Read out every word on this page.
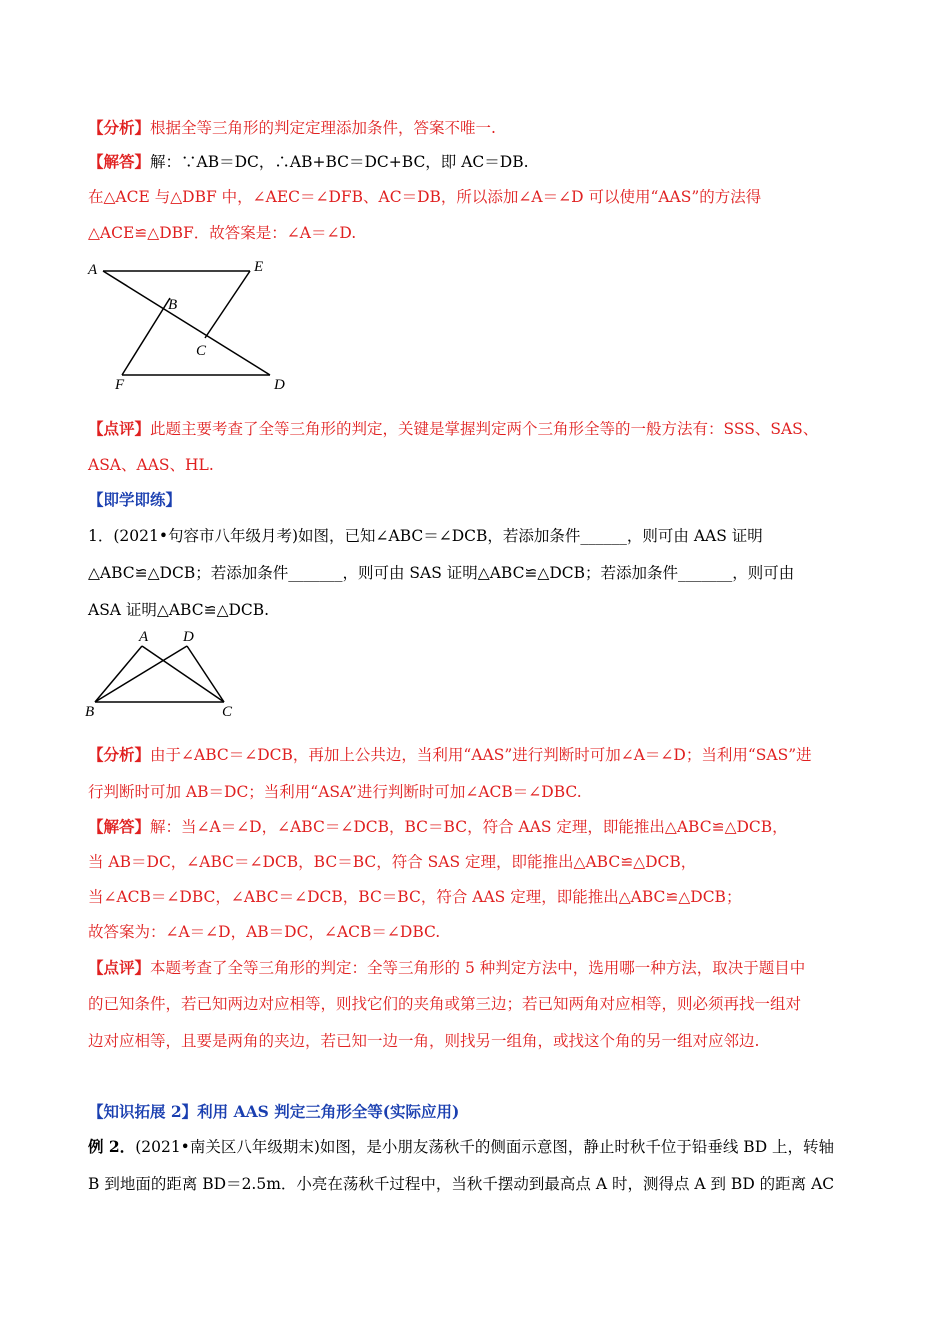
【分析】根据全等三角形的判定定理添加条件，答案不唯一.
【解答】解：∵AB＝DC，∴AB+BC＝DC+BC，即 AC＝DB.
在△ACE 与△DBF 中，∠AEC＝∠DFB、AC＝DB，所以添加∠A＝∠D 可以使用“AAS”的方法得
△ACE≌△DBF．故答案是：∠A＝∠D.
A	E
B
C
F	D
【点评】此题主要考查了全等三角形的判定，关键是掌握判定两个三角形全等的一般方法有：SSS、SAS、
ASA、AAS、HL.
【即学即练】
1．(2021•句容市八年级月考)如图，已知∠ABC＝∠DCB，若添加条件______，则可由 AAS 证明
△ABC≌△DCB；若添加条件_______，则可由 SAS 证明△ABC≌△DCB；若添加条件_______，则可由
ASA 证明△ABC≌△DCB.
A D
B	C
【分析】由于∠ABC＝∠DCB，再加上公共边，当利用“AAS”进行判断时可加∠A＝∠D；当利用“SAS”进
行判断时可加 AB＝DC；当利用“ASA”进行判断时可加∠ACB＝∠DBC.
【解答】解：当∠A＝∠D，∠ABC＝∠DCB，BC＝BC，符合 AAS 定理，即能推出△ABC≌△DCB，
当 AB＝DC，∠ABC＝∠DCB，BC＝BC，符合 SAS 定理，即能推出△ABC≌△DCB，
当∠ACB＝∠DBC，∠ABC＝∠DCB，BC＝BC，符合 AAS 定理，即能推出△ABC≌△DCB；
故答案为：∠A＝∠D，AB＝DC，∠ACB＝∠DBC.
【点评】本题考查了全等三角形的判定：全等三角形的 5 种判定方法中，选用哪一种方法，取决于题目中
的已知条件，若已知两边对应相等，则找它们的夹角或第三边；若已知两角对应相等，则必须再找一组对
边对应相等，且要是两角的夹边，若已知一边一角，则找另一组角，或找这个角的另一组对应邻边.
【知识拓展 2】利用 AAS 判定三角形全等(实际应用)
例 2．(2021•南关区八年级期末)如图，是小朋友荡秋千的侧面示意图，静止时秋千位于铅垂线 BD 上，转轴
B 到地面的距离 BD＝2.5m．小亮在荡秋千过程中，当秋千摆动到最高点 A 时，测得点 A 到 BD 的距离 AC
